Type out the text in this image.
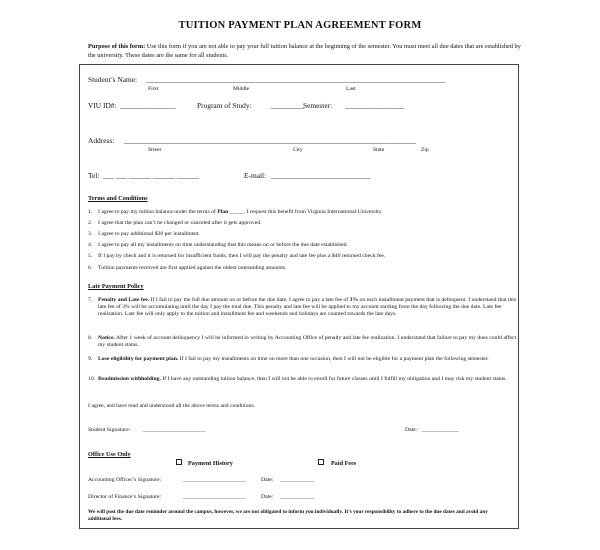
TUITION PAYMENT PLAN AGREEMENT FORM
Purpose of this form: Use this form if you are not able to pay your full tuition balance at the beginning of the semester. You must meet all due dates that are established by the university. These dates are the same for all students.
Student’s Name: _________________________________________________________________________________
First	Middle	Last
VIU ID#: _______________	Program of Study:	_________
Semester: ________________
Address: _______________________________________________________________________________
Street	City	State	Zip
Tel: ___ ___ ______ ______ ______	E-mail: ___________________________
Terms and Conditions
1. I agree to pay my tuition balance under the terms of Plan _____. I request this benefit from Virginia International University.
2. I agree that the plan can’t be changed or canceled after it gets approved.
3. I agree to pay additional $30 per installment.
4. I agree to pay all my installments on time understanding that this means on or before the due date established.
5. If I pay by check and it is returned for insufficient funds, then I will pay the penalty and late fee plus a $40 returned check fee.
6. Tuition payments received are first applied against the oldest outstanding amounts.
Late Payment Policy
7. Penalty and Late fee. If I fail to pay the full due amount on or before the due date, I agree to pay a late fee of 3% on each installment payment that is delinquent. I understand that this late fee of 3% will be accumulating until the day I pay the total due. This penalty and late fee will be applied to my account starting from the day following the due date. Late fee realization. Late fee will only apply to the tuition and installment fee and weekends and holidays are counted towards the late days.
8. Notice. After 1 week of account delinquency I will be informed in writing by Accounting Office of penalty and late fee realization. I understand that failure to pay my dues could affect my student status.
9. Lose eligibility for payment plan. If I fail to pay my installments on time on more than one occasion, then I will not be eligible for a payment plan the following semester.
10. Readmission withholding. If I have any outstanding tuition balance, then I will not be able to enroll for future classes until I fulfill my obligation and I may risk my student status.
I agree, and have read and understood all the above terms and conditions.
Student Signature: ______________________	Date: _____________
Office Use Only
Payment History	Paid Fees
Accounting Officer’s Signature:	______________________	Date: ____________
Director of Finance’s Signature:	______________________	Date: ____________
We will post the due date reminder around the campus, however, we are not obligated to inform you individually. It’s your responsibility to adhere to the due dates and avoid any additional fees.
